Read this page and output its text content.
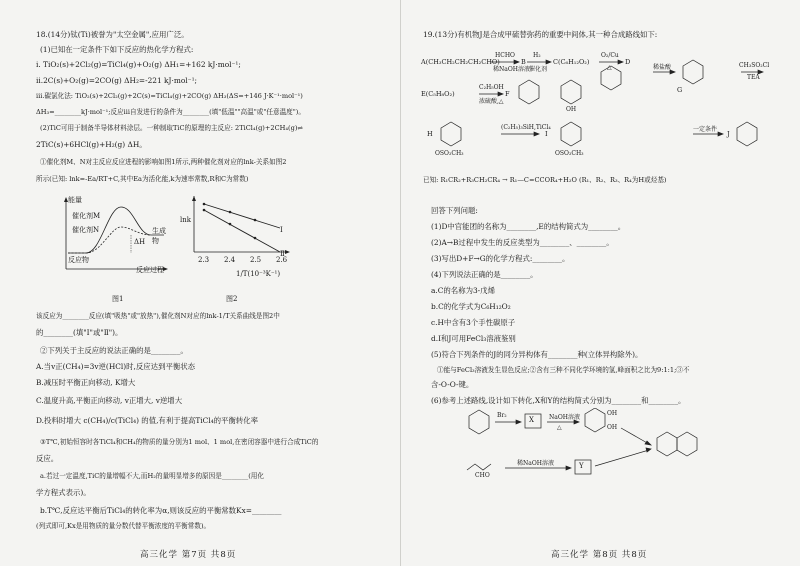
18.(14分)钛(Ti)被誉为"太空金属",应用广泛。
(1)已知在一定条件下如下反应的热化学方程式:
i. TiO₂(s)+2Cl₂(g)=TiCl₄(g)+O₂(g) ΔH₁=+162 kJ·mol⁻¹;
ii.2C(s)+O₂(g)=2CO(g) ΔH₂=-221 kJ·mol⁻¹;
iii.碳氯化法: TiO₂(s)+2Cl₂(g)+2C(s)=TiCl₄(g)+2CO(g) ΔH₃(ΔS=+146 J·K⁻¹·mol⁻¹)
ΔH₃=________kJ·mol⁻¹;反应iii自发进行的条件为________(填"低温""高温"或"任意温度")。
(2)TiC可用于制备半导体材料涂层。一种制取TiC的原理的主反应: 2TiCl₄(g)+2CH₄(g)⇌
2TiC(s)+6HCl(g)+H₂(g) ΔH。
①催化剂M、N对主反应反应进程的影响如图1所示,两种催化剂对应的lnk-关系如图2
所示(已知: lnk=-Ea/RT+C,其中Ea为活化能,k为速率常数,R和C为常数)
能量
催化剂M
催化剂N
反应物
ΔH
生成物
反应过程
图1
lnk
Ⅰ
Ⅱ
2.3 2.4 2.5 2.6
1/T(10⁻³K⁻¹)
图2
该反应为________反应(填"吸热"或"放热"),催化剂N对应的lnk-1/T关系曲线是图2中
的________(填"Ⅰ"或"Ⅱ")。
②下列关于主反应的说法正确的是________。
A.当v正(CH₄)=3v逆(HCl)时,反应达到平衡状态
B.减压时平衡正向移动, K增大
C.温度升高,平衡正向移动, v正增大, v逆增大
D.投料时增大 c(CH₄)/c(TiCl₄) 的值,有利于提高TiCl₄的平衡转化率
③T℃,初始恒容时各TiCl₄和CH₄的物质的量分别为1 mol、1 mol,在密闭容器中进行合成TiC的
反应。
a.若过一定温度,TiC的量增幅不大,而H₂的量明显增多的原因是________(用化
学方程式表示)。
b.T℃,反应达平衡后TiCl₄的转化率为α,则该反应的平衡常数Kx=________
(列式即可,Kx是用物质的量分数代替平衡浓度的平衡常数)。
高三化学 第7页 共8页
19.(13分)有机物J是合成甲硫替弥药的重要中间体,其一种合成路线如下:
A(CH₃CH₂CH₂CH₂CHO)
HCHO
稀NaOH溶液
B
H₂
催化剂
C(C₆H₁₂O₂)
O₂/Cu
△
D
E(C₅H₈O₂)
C₂H₅OH
浓硫酸,△
F
稀盐酸
G
CH₃SO₂Cl
TEA
H
OSO₂CH₃
(C₂H₅)₃SiH,TiCl₄
I
OSO₂CH₃
一定条件
J
OH
已知: R₁CR₂+R₃CH₂CR₄ → R₁—C=CCOR₄+H₂O (R₁、R₂、R₃、R₄为H或烃基)
回答下列问题:
(1)D中官能团的名称为________,E的结构简式为________。
(2)A→B过程中发生的反应类型为________、________。
(3)写出D+F→G的化学方程式:________。
(4)下列说法正确的是________。
a.C的名称为3-戊烯
b.C的化学式为C₆H₁₂O₂
c.H中含有3个手性碳原子
d.I和J可用FeCl₃溶液鉴别
(5)符合下列条件的J的同分异构体有________种(立体异构除外)。
①能与FeCl₃溶液发生显色反应;②含有三种不同化学环境的氢,峰面积之比为9:1:1;③不
含-O-O-键。
(6)参考上述路线,设计如下转化,X和Y的结构简式分别为________和________。
Br₂
X	NaOH溶液
△
OH
OH
CHO
稀NaOH溶液	Y
高三化学 第8页 共8页
